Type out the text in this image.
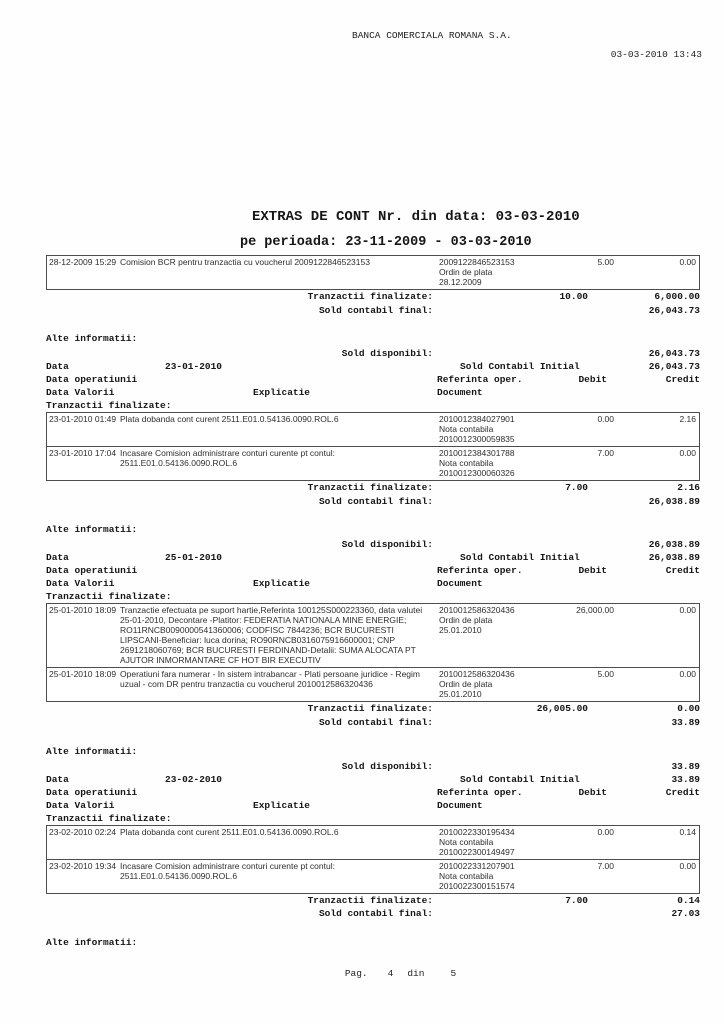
BANCA COMERCIALA ROMANA S.A.
03-03-2010 13:43
EXTRAS DE CONT Nr. din data: 03-03-2010
pe perioada: 23-11-2009 - 03-03-2010
28-12-2009 15:29 Comision BCR pentru tranzactia cu voucherul 2009122846523153	2009122846523153
Ordin de plata
28.12.2009
5.00	0.00
Tranzactii finalizate:	10.00	6,000.00
Sold contabil final:	26,043.73
Alte informatii:
Sold disponibil:	26,043.73
Data	23-01-2010	Sold Contabil Initial	26,043.73
Data operatiunii	Referinta oper.	Debit	Credit
Data Valorii	Explicatie	Document
Tranzactii finalizate:
23-01-2010 01:49 Plata dobanda cont curent 2511.E01.0.54136.0090.ROL.6	2010012384027901
Nota contabila
2010012300059835
0.00	2.16
23-01-2010 17:04 Incasare Comision administrare conturi curente pt contul: 2511.E01.0.54136.0090.ROL.6
2010012384301788
Nota contabila
2010012300060326
7.00	0.00
Tranzactii finalizate:	7.00	2.16
Sold contabil final:	26,038.89
Alte informatii:
Sold disponibil:	26,038.89
Data	25-01-2010	Sold Contabil Initial	26,038.89
Data operatiunii	Referinta oper.	Debit	Credit
Data Valorii	Explicatie	Document
Tranzactii finalizate:
25-01-2010 18:09 Tranzactie efectuata pe suport hartie,Referinta 100125S000223360, data valutei 25-01-2010, Decontare -Platitor: FEDERATIA NATIONALA MINE ENERGIE; RO11RNCB0090000541360006; CODFISC 7844236; BCR BUCURESTI LIPSCANI-Beneficiar: luca dorina; RO90RNCB0316075916600001; CNP 2691218060769; BCR BUCURESTI FERDINAND-Detalii: SUMA ALOCATA PT AJUTOR INMORMANTARE CF HOT BIR EXECUTIV
2010012586320436
Ordin de plata
25.01.2010
26,000.00	0.00
25-01-2010 18:09 Operatiuni fara numerar - In sistem intrabancar - Plati persoane juridice - Regim uzual - com DR pentru tranzactia cu voucherul 2010012586320436
2010012586320436
Ordin de plata
25.01.2010
5.00	0.00
Tranzactii finalizate:	26,005.00	0.00
Sold contabil final:	33.89
Alte informatii:
Sold disponibil:	33.89
Data	23-02-2010	Sold Contabil Initial	33.89
Data operatiunii	Referinta oper.	Debit	Credit
Data Valorii	Explicatie	Document
Tranzactii finalizate:
23-02-2010 02:24 Plata dobanda cont curent 2511.E01.0.54136.0090.ROL.6	2010022330195434
Nota contabila
2010022300149497
0.00	0.14
23-02-2010 19:34 Incasare Comision administrare conturi curente pt contul: 2511.E01.0.54136.0090.ROL.6
2010022331207901
Nota contabila
2010022300151574
7.00	0.00
Tranzactii finalizate:	7.00	0.14
Sold contabil final:	27.03
Alte informatii:

Pag. 4 din	5
